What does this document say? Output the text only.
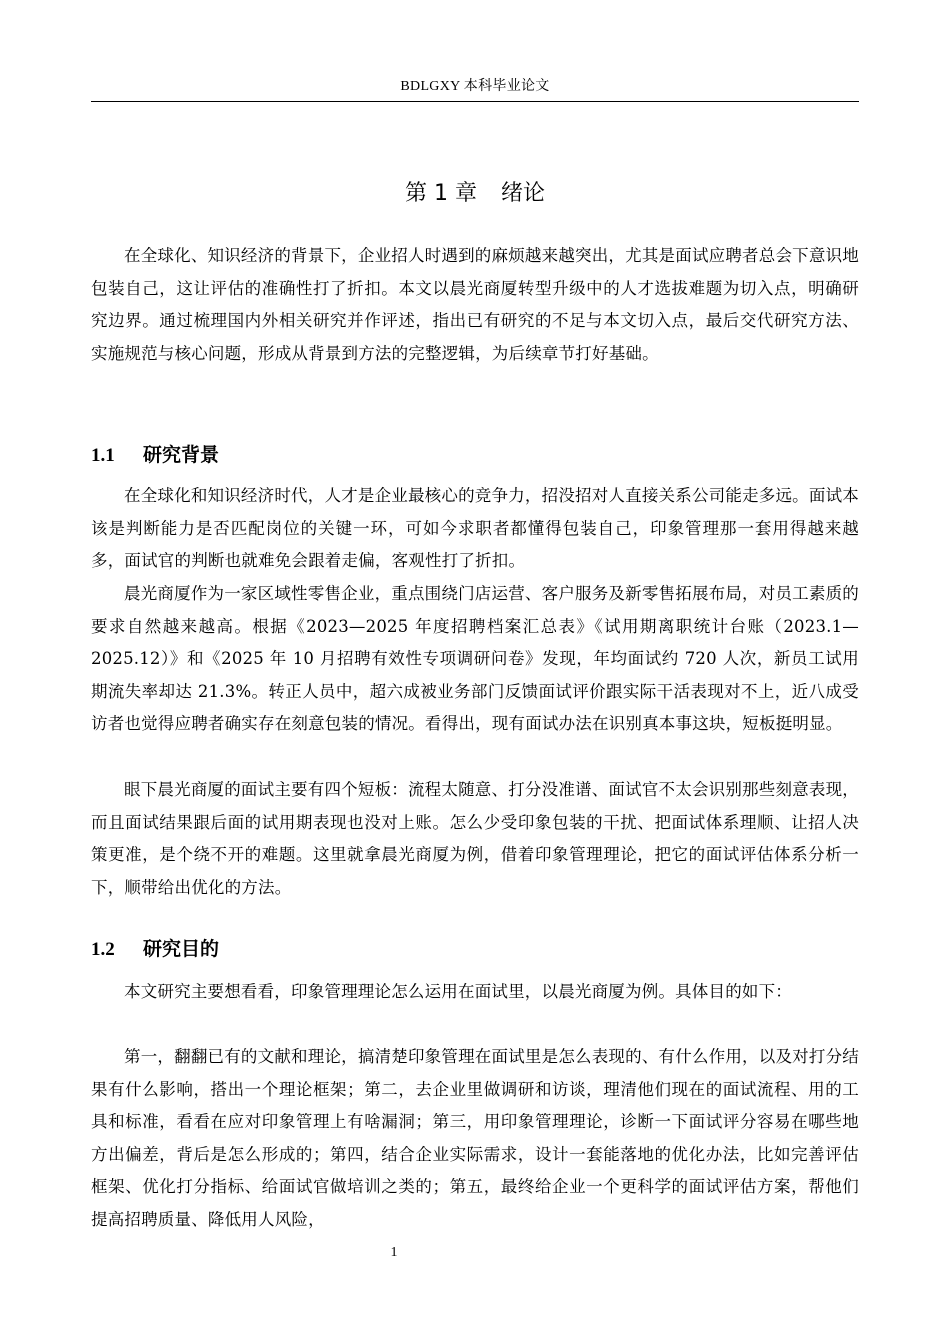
BDLGXY 本科毕业论文
第 1 章 绪论

在全球化、知识经济的背景下，企业招人时遇到的麻烦越来越突出，尤其是面试应聘者总会下意识地包装自己，这让评估的准确性打了折扣。本文以晨光商厦转型升级中的人才选拔难题为切入点，明确研究边界。通过梳理国内外相关研究并作评述，指出已有研究的不足与本文切入点，最后交代研究方法、实施规范与核心问题，形成从背景到方法的完整逻辑，为后续章节打好基础。

1.1 研究背景

在全球化和知识经济时代，人才是企业最核心的竞争力，招没招对人直接关系公司能走多远。面试本该是判断能力是否匹配岗位的关键一环，可如今求职者都懂得包装自己，印象管理那一套用得越来越多，面试官的判断也就难免会跟着走偏，客观性打了折扣。

晨光商厦作为一家区域性零售企业，重点围绕门店运营、客户服务及新零售拓展布局，对员工素质的要求自然越来越高。根据《2023—2025 年度招聘档案汇总表》《试用期离职统计台账（2023.1—2025.12）》和《2025 年 10 月招聘有效性专项调研问卷》发现，年均面试约 720 人次，新员工试用期流失率却达 21.3%。转正人员中，超六成被业务部门反馈面试评价跟实际干活表现对不上，近八成受访者也觉得应聘者确实存在刻意包装的情况。看得出，现有面试办法在识别真本事这块，短板挺明显。

眼下晨光商厦的面试主要有四个短板：流程太随意、打分没准谱、面试官不太会识别那些刻意表现，而且面试结果跟后面的试用期表现也没对上账。怎么少受印象包装的干扰、把面试体系理顺、让招人决策更准，是个绕不开的难题。这里就拿晨光商厦为例，借着印象管理理论，把它的面试评估体系分析一下，顺带给出优化的方法。

1.2 研究目的

本文研究主要想看看，印象管理理论怎么运用在面试里，以晨光商厦为例。具体目的如下：

第一，翻翻已有的文献和理论，搞清楚印象管理在面试里是怎么表现的、有什么作用，以及对打分结果有什么影响，搭出一个理论框架；第二，去企业里做调研和访谈，理清他们现在的面试流程、用的工具和标准，看看在应对印象管理上有啥漏洞；第三，用印象管理理论，诊断一下面试评分容易在哪些地方出偏差，背后是怎么形成的；第四，结合企业实际需求，设计一套能落地的优化办法，比如完善评估框架、优化打分指标、给面试官做培训之类的；第五，最终给企业一个更科学的面试评估方案，帮他们提高招聘质量、降低用人风险，

1
